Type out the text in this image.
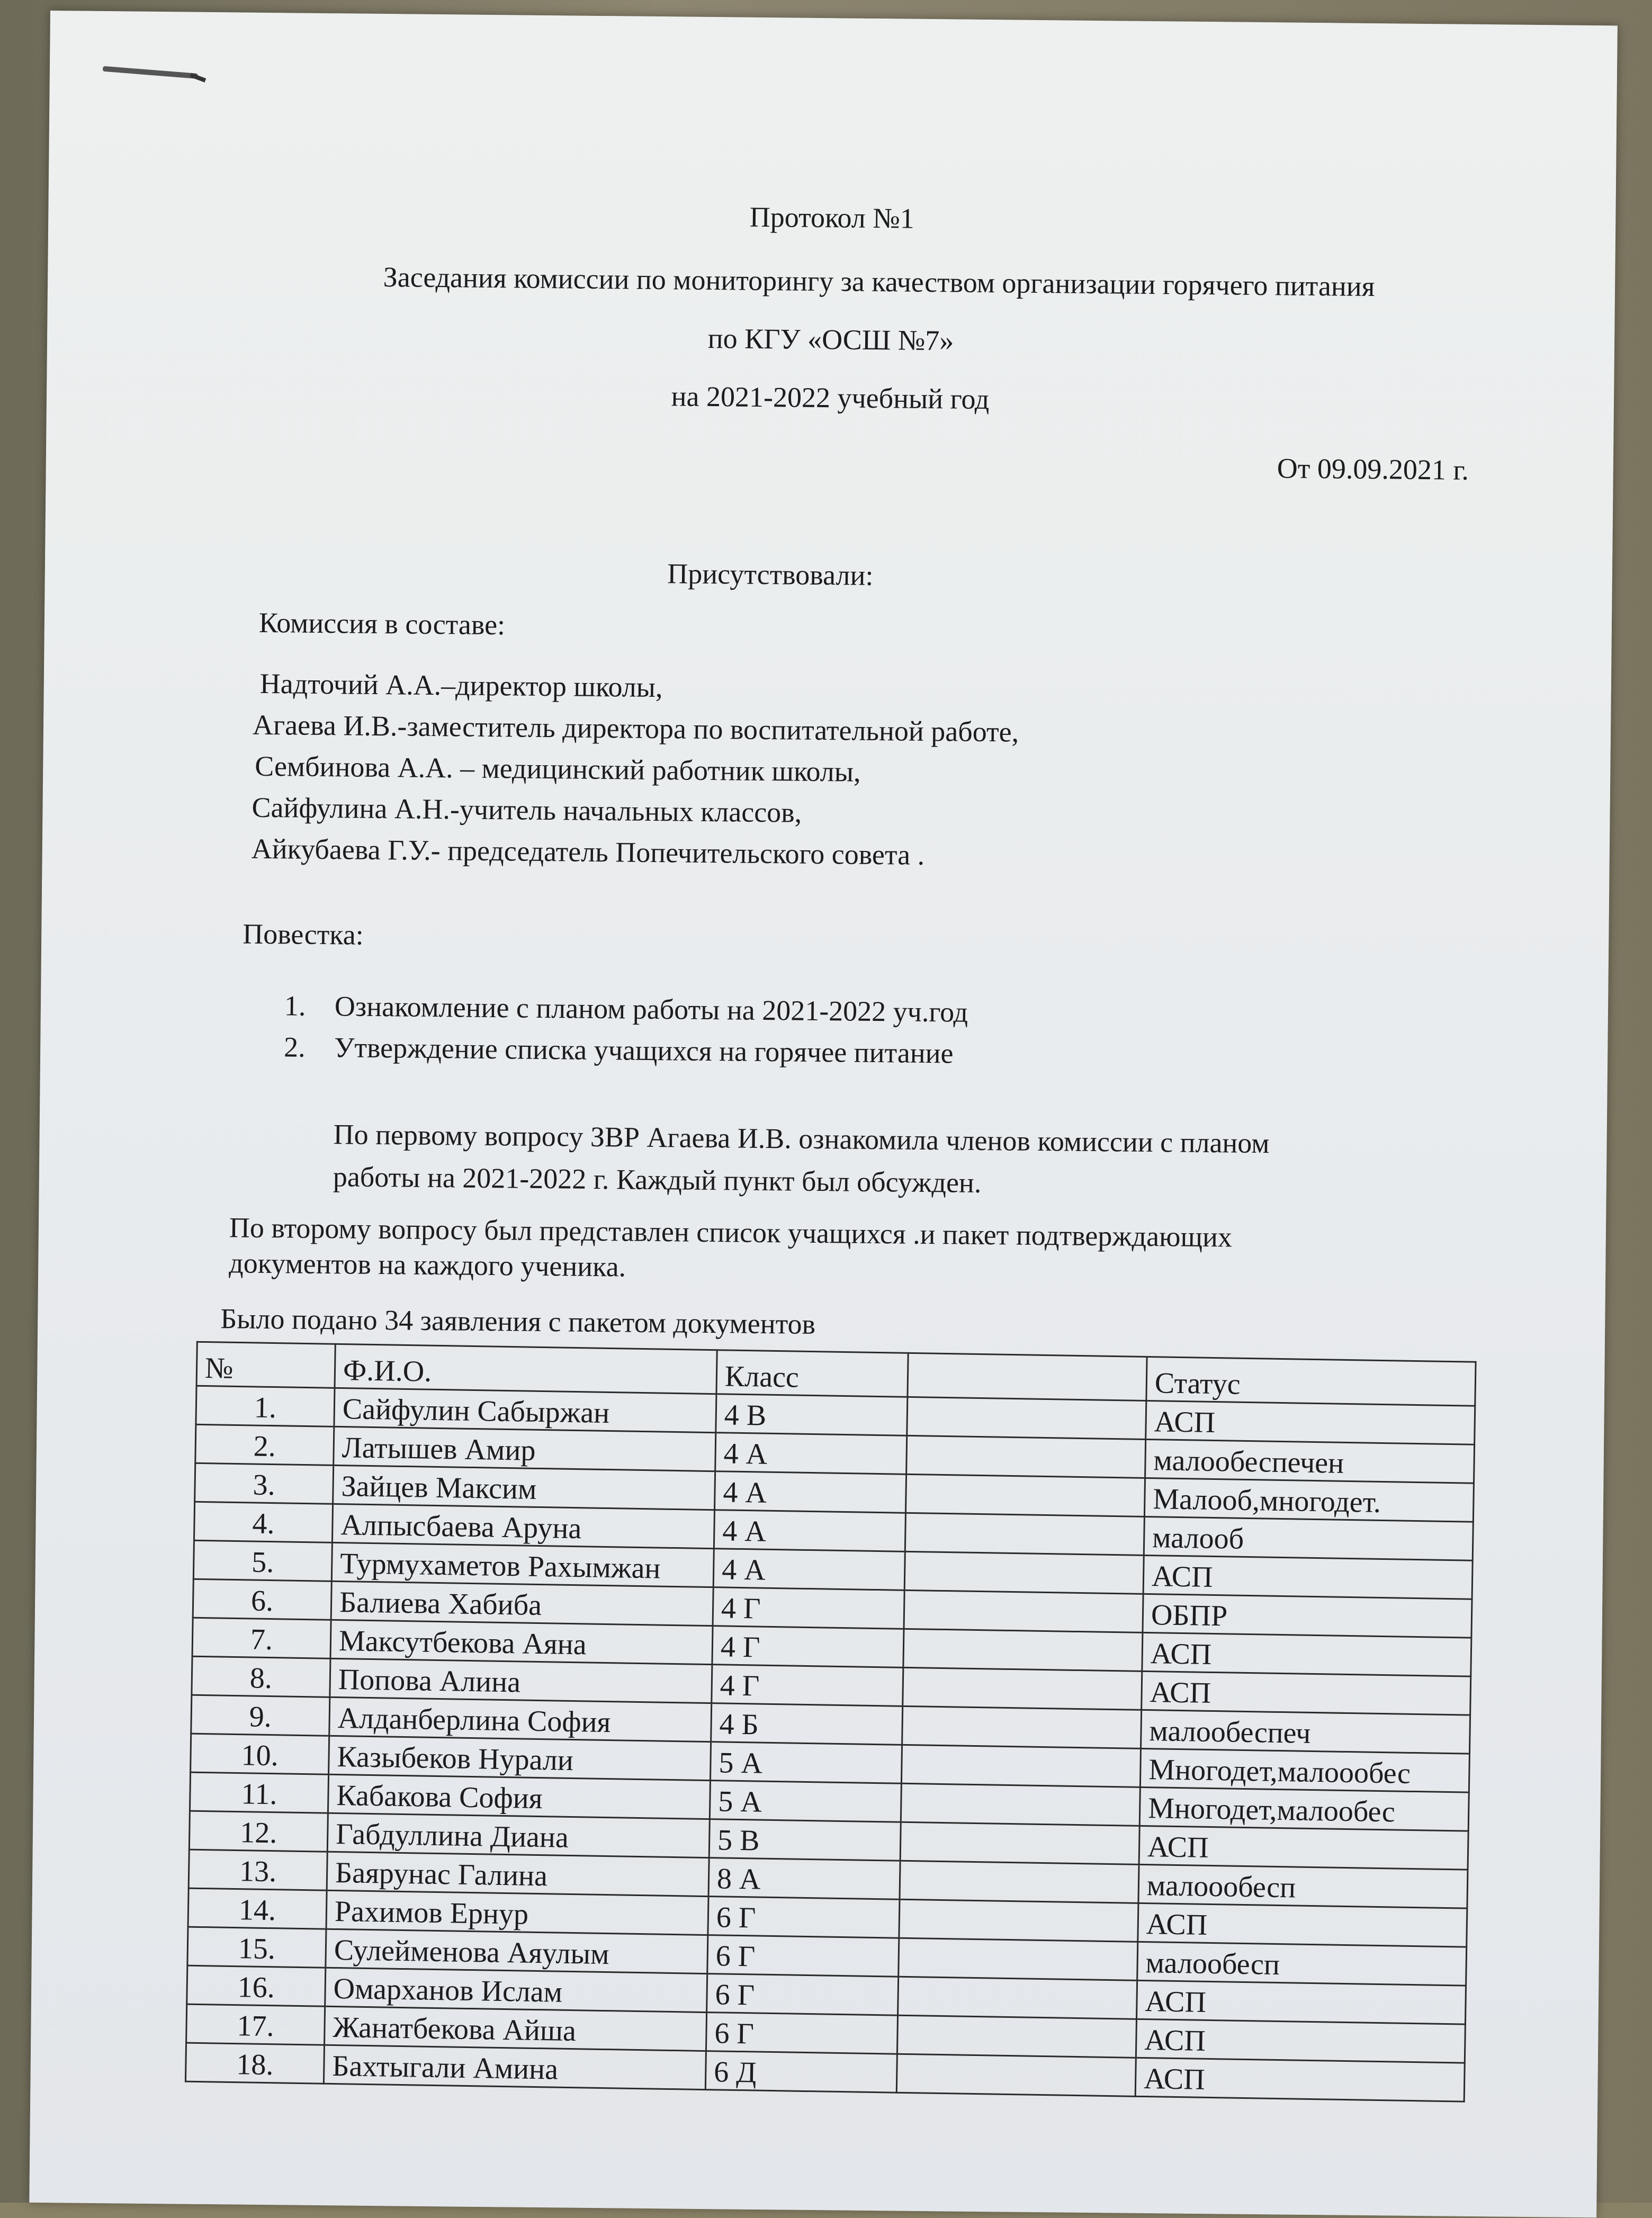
Протокол №1
Заседания комиссии по мониторингу за качеством организации горячего питания
по КГУ «ОСШ №7»
на 2021-2022 учебный год
От 09.09.2021 г.
Присутствовали:
Комиссия в составе:
Надточий А.А.–директор школы,
Агаева И.В.-заместитель директора по воспитательной работе,
Сембинова А.А. – медицинский работник школы,
Сайфулина А.Н.-учитель начальных классов,
Айкубаева Г.У.- председатель Попечительского совета .
Повестка:
1. Ознакомление с планом работы на 2021-2022 уч.год
2. Утверждение списка учащихся на горячее питание
По первому вопросу ЗВР Агаева И.В. ознакомила членов комиссии с планом
работы на 2021-2022 г. Каждый пункт был обсужден.
По второму вопросу был представлен список учащихся .и пакет подтверждающих
документов на каждого ученика.
Было подано 34 заявления с пакетом документов
№	Ф.И.О.	Класс		Статус
1.	Сайфулин Сабыржан	4 В		АСП
2.	Латышев Амир	4 А		малообеспечен
3.	Зайцев Максим	4 А		Малооб,многодет.
4.	Алпысбаева Аруна	4 А		малооб
5.	Турмухаметов Рахымжан	4 А		АСП
6.	Балиева Хабиба	4 Г		ОБПР
7.	Максутбекова Аяна	4 Г		АСП
8.	Попова Алина	4 Г		АСП
9.	Алданберлина София	4 Б		малообеспеч
10.	Казыбеков Нурали	5 А		Многодет,малооoбес
11.	Кабакова София	5 А		Многодет,малообес
12.	Габдуллина Диана	5 В		АСП
13.	Баярунас Галина	8 А		малооoбесп
14.	Рахимов Ернур	6 Г		АСП
15.	Сулейменова Аяулым	6 Г		малообесп
16.	Омарханов Ислам	6 Г		АСП
17.	Жанатбекова Айша	6 Г		АСП
18.	Бахтыгали Амина	6 Д		АСП
